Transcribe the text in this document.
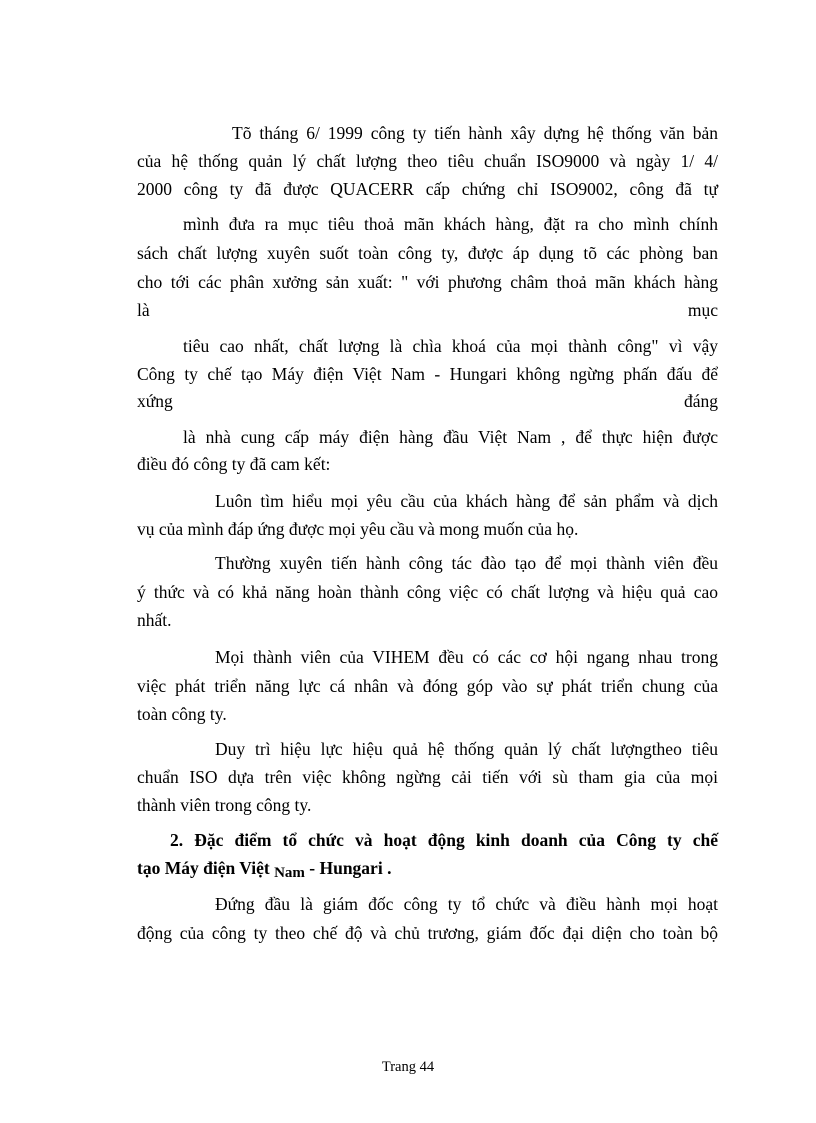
Tõ tháng 6/ 1999 công ty tiến hành xây dựng hệ thống văn bản
của hệ thống quản lý chất lượng theo tiêu chuẩn ISO9000 và ngày 1/ 4/
2000 công ty đã được QUACERR cấp chứng chỉ ISO9002, công đã tự
mình đưa ra mục tiêu thoả mãn khách hàng, đặt ra cho mình chính
sách chất lượng xuyên suốt toàn công ty, được áp dụng tõ các phòng ban
cho tới các phân xưởng sản xuất: " với phương châm thoả mãn khách hàng
là	mục
tiêu cao nhất, chất lượng là chìa khoá của mọi thành công" vì vậy
Công ty chế tạo Máy điện Việt Nam - Hungari không ngừng phấn đấu để
xứng	đáng
là nhà cung cấp máy điện hàng đầu Việt Nam , để thực hiện được
điều đó công ty đã cam kết:
Luôn tìm hiểu mọi yêu cầu của khách hàng để sản phẩm và dịch
vụ của mình đáp ứng được mọi yêu cầu và mong muốn của họ.
Thường xuyên tiến hành công tác đào tạo để mọi thành viên đều
ý thức và có khả năng hoàn thành công việc có chất lượng và hiệu quả cao
nhất.
Mọi thành viên của VIHEM đều có các cơ hội ngang nhau trong
việc phát triển năng lực cá nhân và đóng góp vào sự phát triển chung của
toàn công ty.
Duy trì hiệu lực hiệu quả hệ thống quản lý chất lượngtheo tiêu
chuẩn ISO dựa trên việc không ngừng cải tiến với sù tham gia của mọi
thành viên trong công ty.
2. Đặc điểm tổ chức và hoạt động kinh doanh của Công ty chế
tạo Máy điện Việt Nam - Hungari .
Đứng đầu là giám đốc công ty tổ chức và điều hành mọi hoạt
động của công ty theo chế độ và chủ trương, giám đốc đại diện cho toàn bộ
Trang 44
